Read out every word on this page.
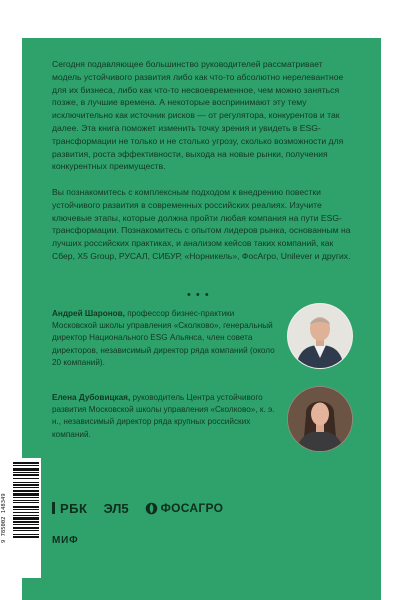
Сегодня подавляющее большинство руководителей рассматривает модель устойчивого развития либо как что-то абсолютно нерелевантное для их бизнеса, либо как что-то несвоевременное, чем можно заняться позже, в лучшие времена. А некоторые воспринимают эту тему исключительно как источник рисков — от регулятора, конкурентов и так далее. Эта книга поможет изменить точку зрения и увидеть в ESG-трансформации не только и не столько угрозу, сколько возможности для развития, роста эффективности, выхода на новые рынки, получения конкурентных преимуществ.

Вы познакомитесь с комплексным подходом к внедрению повестки устойчивого развития в современных российских реалиях. Изучите ключевые этапы, которые должна пройти любая компания на пути ESG-трансформации. Познакомитесь с опытом лидеров рынка, основанным на лучших российских практиках, и анализом кейсов таких компаний, как Сбер, X5 Group, РУСАЛ, СИБУР, «Норникель», ФосАгро, Unilever и других.

• • •

Андрей Шаронов, профессор бизнес-практики Московской школы управления «Сколково», генеральный директор Национального ESG Альянса, член совета директоров, независимый директор ряда компаний (около 20 компаний).

Елена Дубовицкая, руководитель Центра устойчивого развития Московской школы управления «Сколково», к. э. н., независимый директор ряда крупных российских компаний.

9 785002 148349	РБК ЭЛ5	ФОСАГРО
МИФ
